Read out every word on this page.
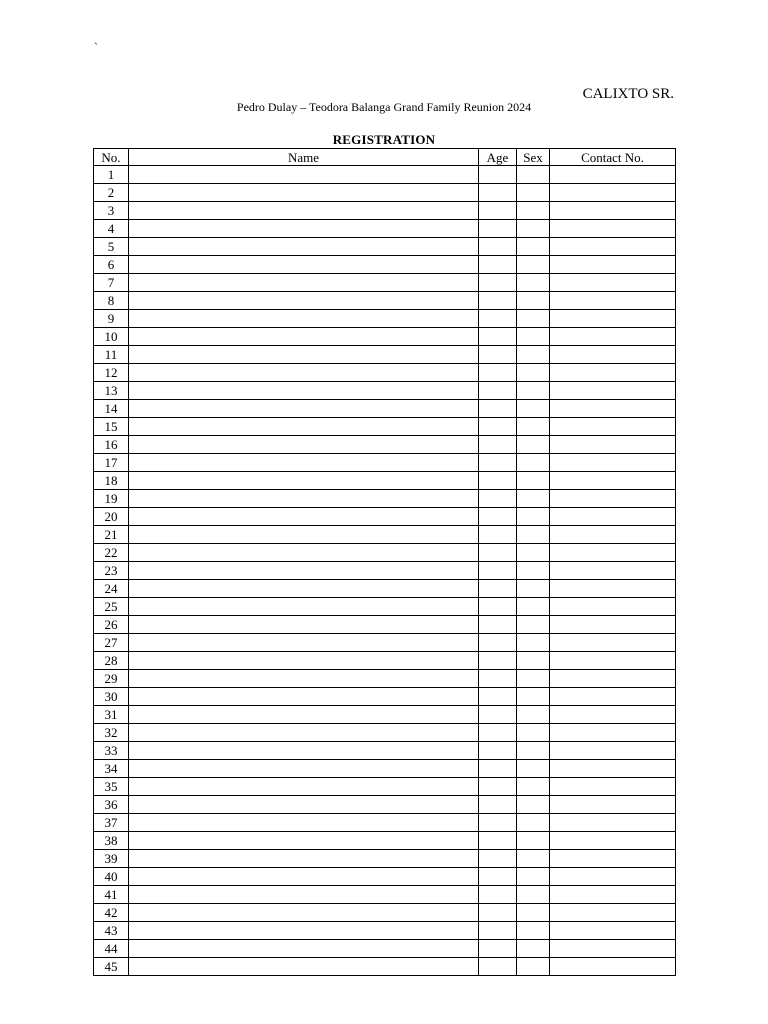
`
CALIXTO SR.
Pedro Dulay – Teodora Balanga Grand Family Reunion 2024
REGISTRATION
No.	Name	Age	Sex	Contact No.
1				
2				
3				
4				
5				
6				
7				
8				
9				
10				
11				
12				
13				
14				
15				
16				
17				
18				
19				
20				
21				
22				
23				
24				
25				
26				
27				
28				
29				
30				
31				
32				
33				
34				
35				
36				
37				
38				
39				
40				
41				
42				
43				
44				
45				
